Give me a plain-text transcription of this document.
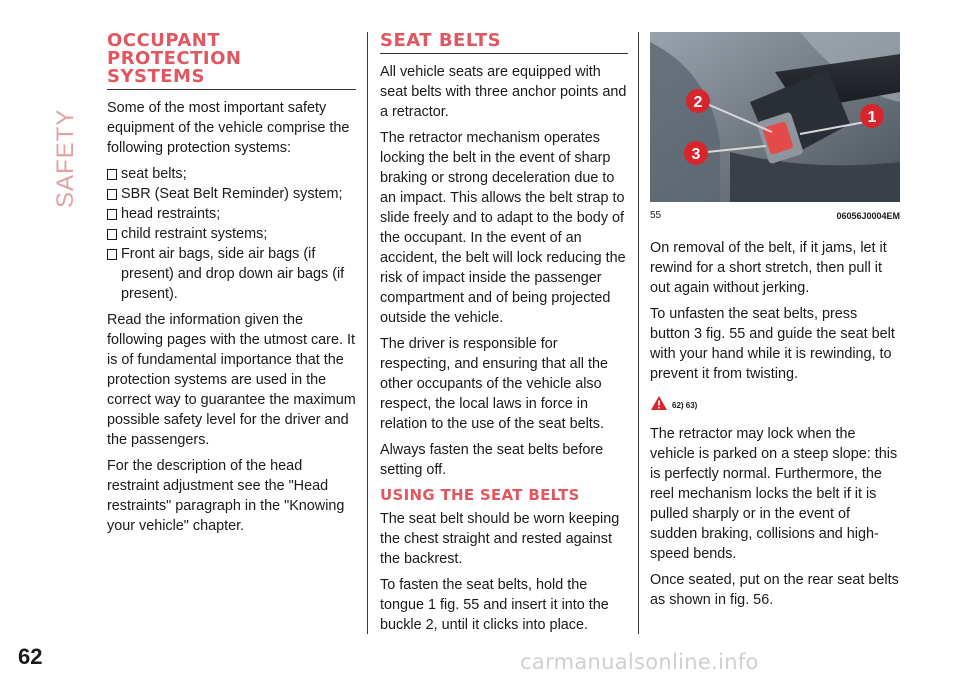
SAFETY
OCCUPANT
PROTECTION
SYSTEMS

Some of the most important safety equipment of the vehicle comprise the following protection systems:

seat belts;
SBR (Seat Belt Reminder) system;
head restraints;
child restraint systems;
Front air bags, side air bags (if present) and drop down air bags (if present).

Read the information given the following pages with the utmost care. It is of fundamental importance that the protection systems are used in the correct way to guarantee the maximum possible safety level for the driver and the passengers.

For the description of the head restraint adjustment see the "Head restraints" paragraph in the "Knowing your vehicle" chapter.

SEAT BELTS

All vehicle seats are equipped with seat belts with three anchor points and a retractor.

The retractor mechanism operates locking the belt in the event of sharp braking or strong deceleration due to an impact. This allows the belt strap to slide freely and to adapt to the body of the occupant. In the event of an accident, the belt will lock reducing the risk of impact inside the passenger compartment and of being projected outside the vehicle.

The driver is responsible for respecting, and ensuring that all the other occupants of the vehicle also respect, the local laws in force in relation to the use of the seat belts.

Always fasten the seat belts before setting off.

USING THE SEAT BELTS

The seat belt should be worn keeping the chest straight and rested against the backrest.

To fasten the seat belts, hold the tongue 1 fig. 55 and insert it into the buckle 2, until it clicks into place.

1
2
3
55	06056J0004EM

On removal of the belt, if it jams, let it rewind for a short stretch, then pull it out again without jerking.

To unfasten the seat belts, press button 3 fig. 55 and guide the seat belt with your hand while it is rewinding, to prevent it from twisting.

62) 63)

The retractor may lock when the vehicle is parked on a steep slope: this is perfectly normal. Furthermore, the reel mechanism locks the belt if it is pulled sharply or in the event of sudden braking, collisions and high-speed bends.

Once seated, put on the rear seat belts as shown in fig. 56.

62	carmanualsonline.info
